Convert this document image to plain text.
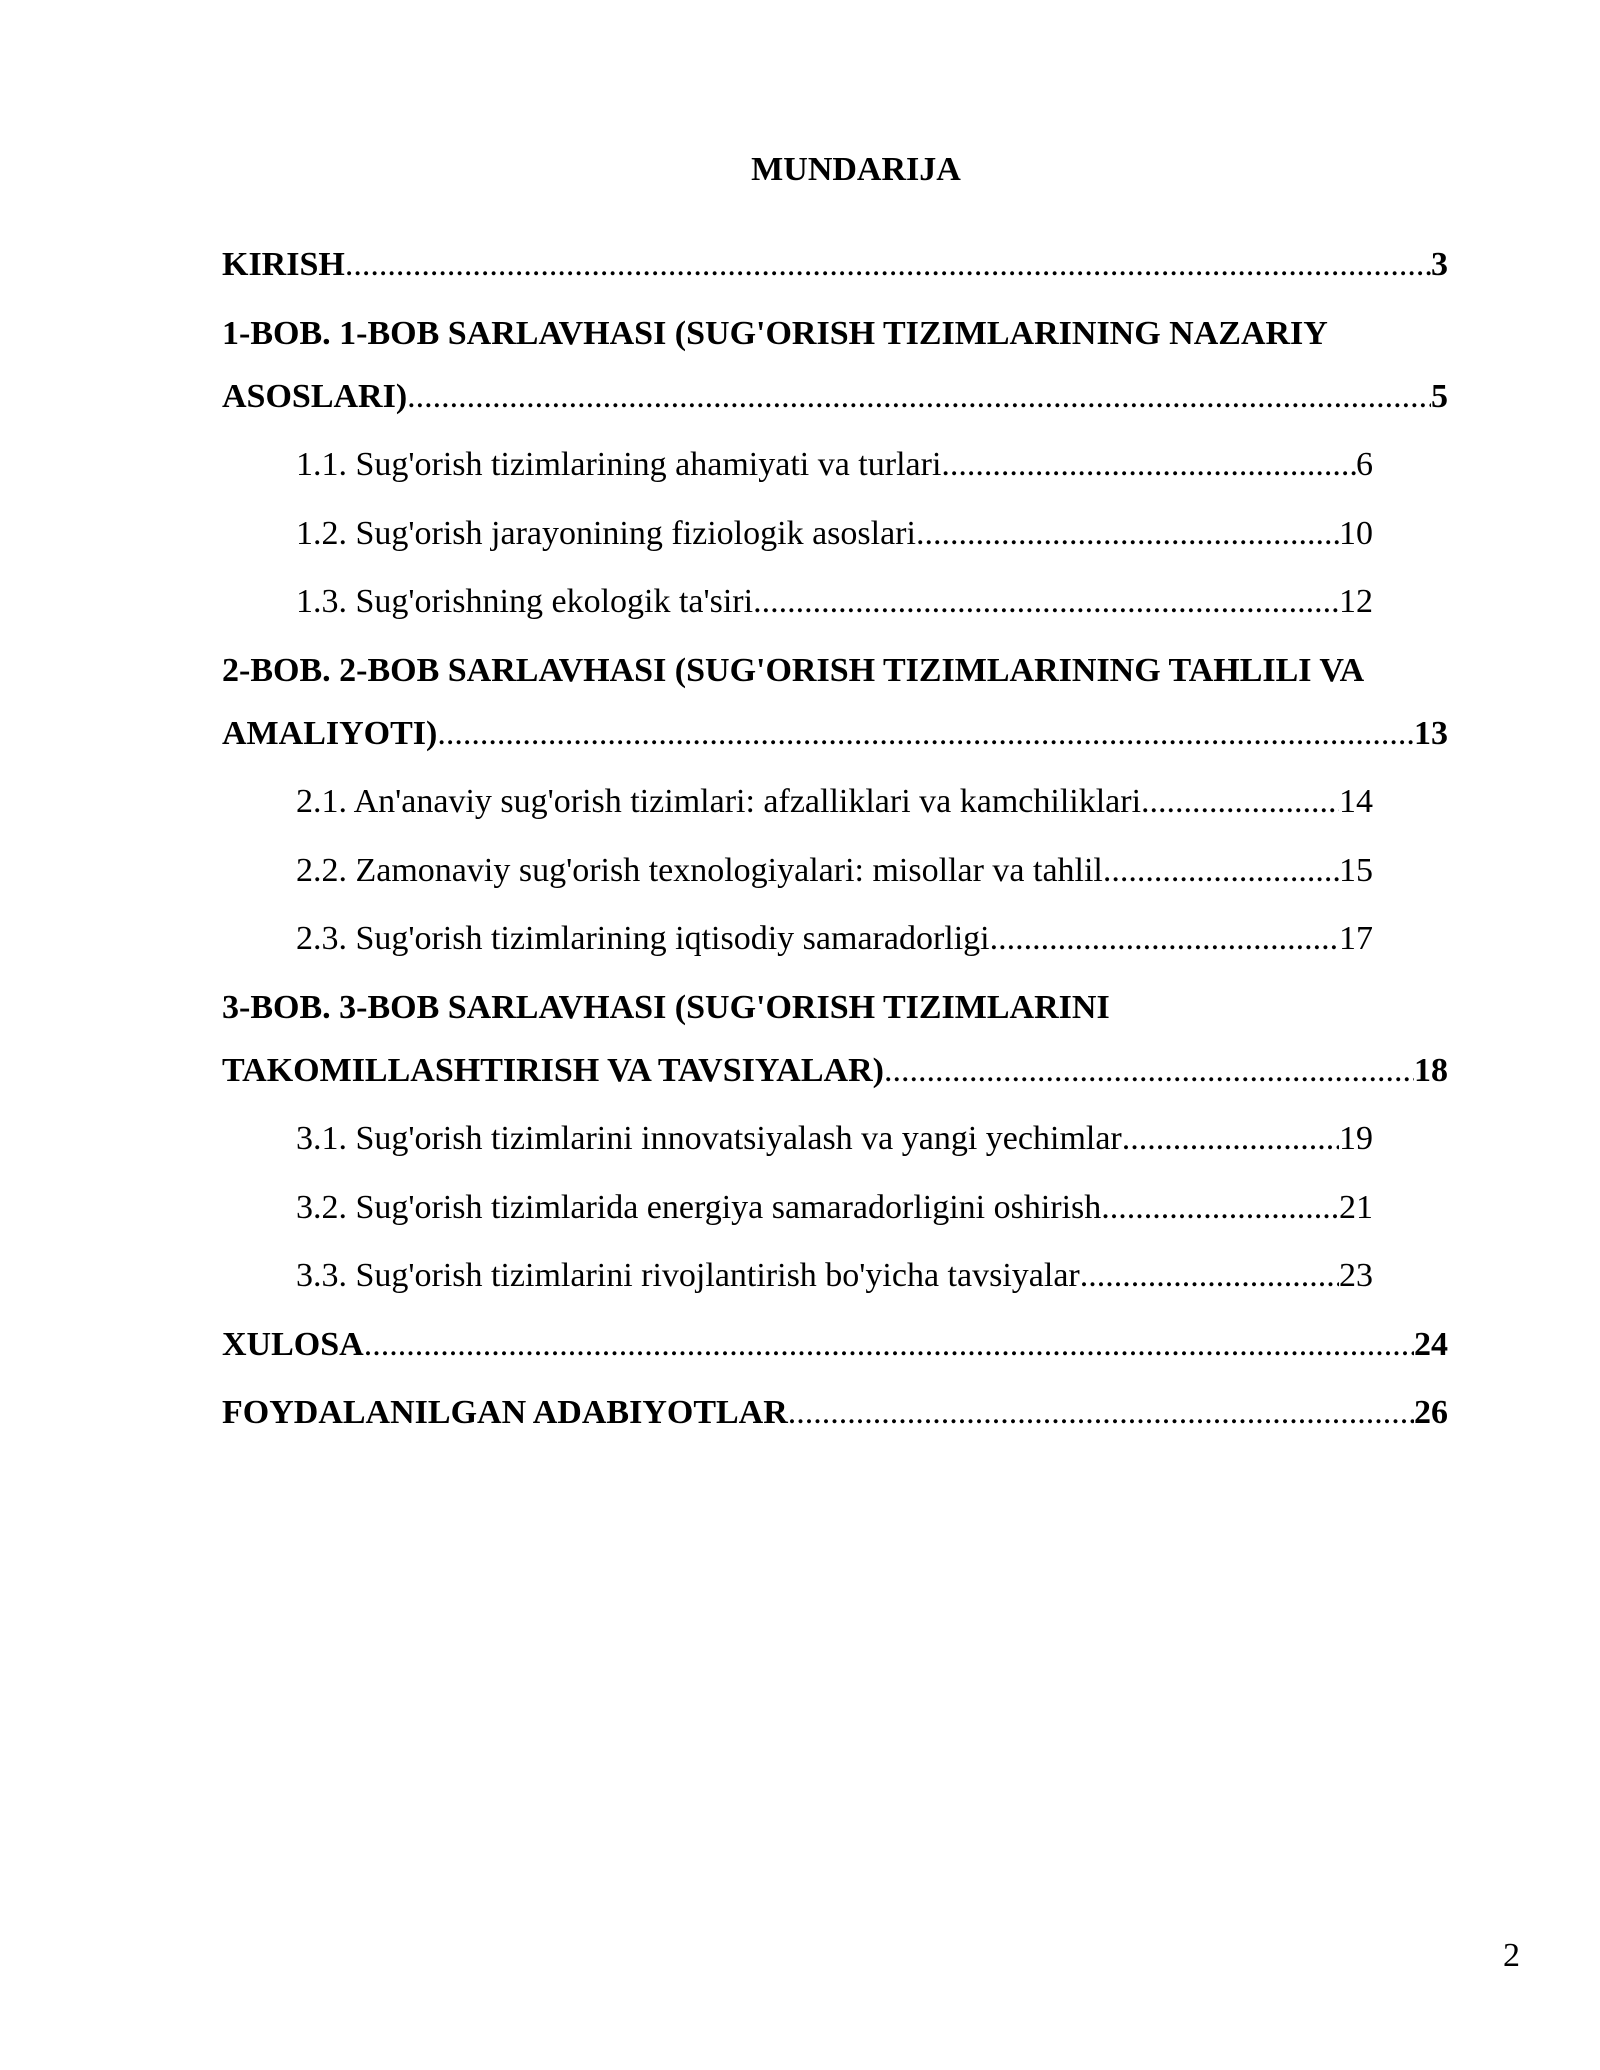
MUNDARIJA
KIRISH .....	3
1-BOB. 1-BOB SARLAVHASI (SUG'ORISH TIZIMLARINING NAZARIY
ASOSLARI) .....	5
1.1. Sug'orish tizimlarining ahamiyati va turlari .....	6
1.2. Sug'orish jarayonining fiziologik asoslari .....	10
1.3. Sug'orishning ekologik ta'siri .....	12
2-BOB. 2-BOB SARLAVHASI (SUG'ORISH TIZIMLARINING TAHLILI VA
AMALIYOTI) .....	13
2.1. An'anaviy sug'orish tizimlari: afzalliklari va kamchiliklari .....	14
2.2. Zamonaviy sug'orish texnologiyalari: misollar va tahlil .....	15
2.3. Sug'orish tizimlarining iqtisodiy samaradorligi .....	17
3-BOB. 3-BOB SARLAVHASI (SUG'ORISH TIZIMLARINI
TAKOMILLASHTIRISH VA TAVSIYALAR) .....	18
3.1. Sug'orish tizimlarini innovatsiyalash va yangi yechimlar .....	19
3.2. Sug'orish tizimlarida energiya samaradorligini oshirish .....	21
3.3. Sug'orish tizimlarini rivojlantirish bo'yicha tavsiyalar .....	23
XULOSA .....	24
FOYDALANILGAN ADABIYOTLAR .....	26
2
